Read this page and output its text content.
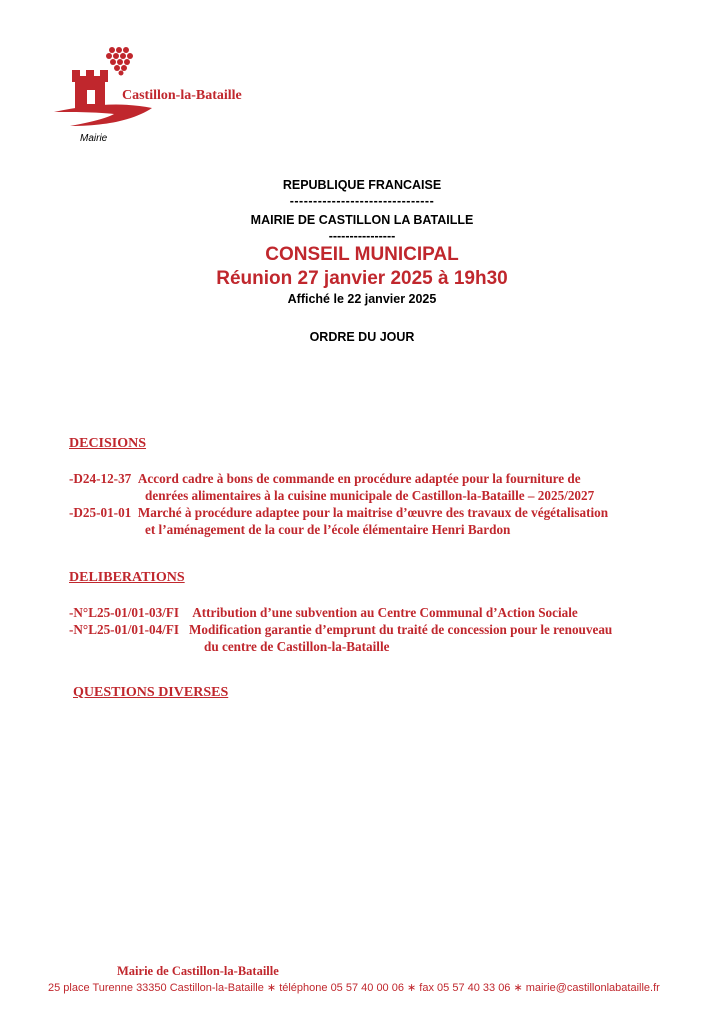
Castillon-la-Bataille
Mairie
REPUBLIQUE FRANCAISE
-------------------------------
MAIRIE DE CASTILLON LA BATAILLE
----------------
CONSEIL MUNICIPAL
Réunion 27 janvier 2025 à 19h30
Affiché le 22 janvier 2025
ORDRE DU JOUR
DECISIONS
-D24-12-37 Accord cadre à bons de commande en procédure adaptée pour la fourniture de
denrées alimentaires à la cuisine municipale de Castillon-la-Bataille – 2025/2027
-D25-01-01 Marché à procédure adaptee pour la maitrise d’œuvre des travaux de végétalisation
et l’aménagement de la cour de l’école élémentaire Henri Bardon
DELIBERATIONS
-N°L25-01/01-03/FI Attribution d’une subvention au Centre Communal d’Action Sociale
-N°L25-01/01-04/FI Modification garantie d’emprunt du traité de concession pour le renouveau
du centre de Castillon-la-Bataille
QUESTIONS DIVERSES
Mairie de Castillon-la-Bataille
25 place Turenne 33350 Castillon-la-Bataille ∗ téléphone 05 57 40 00 06 ∗ fax 05 57 40 33 06 ∗ mairie@castillonlabataille.fr
